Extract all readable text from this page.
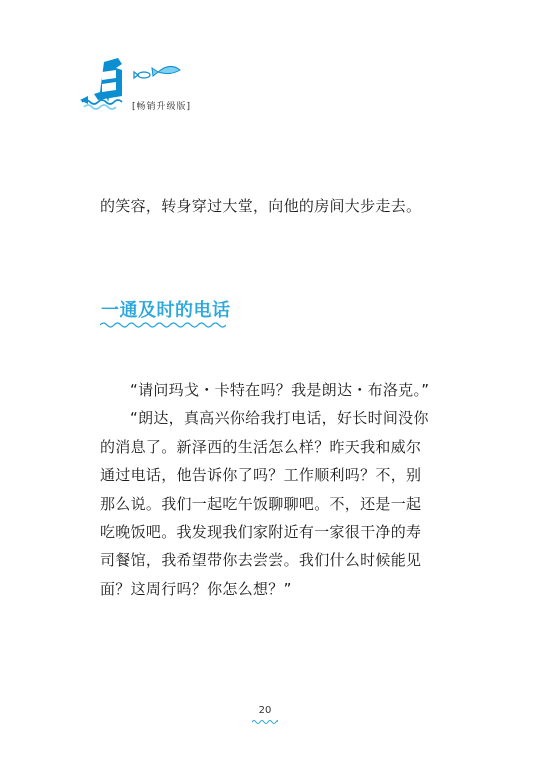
[畅销升级版]
的笑容，转身穿过大堂，向他的房间大步走去。
一通及时的电话

“请问玛戈・卡特在吗？我是朗达・布洛克。”

“朗达，真高兴你给我打电话，好长时间没你的消息了。新泽西的生活怎么样？昨天我和威尔通过电话，他告诉你了吗？工作顺利吗？不，别那么说。我们一起吃午饭聊聊吧。不，还是一起吃晚饭吧。我发现我们家附近有一家很干净的寿司餐馆，我希望带你去尝尝。我们什么时候能见面？这周行吗？你怎么想？”

20
